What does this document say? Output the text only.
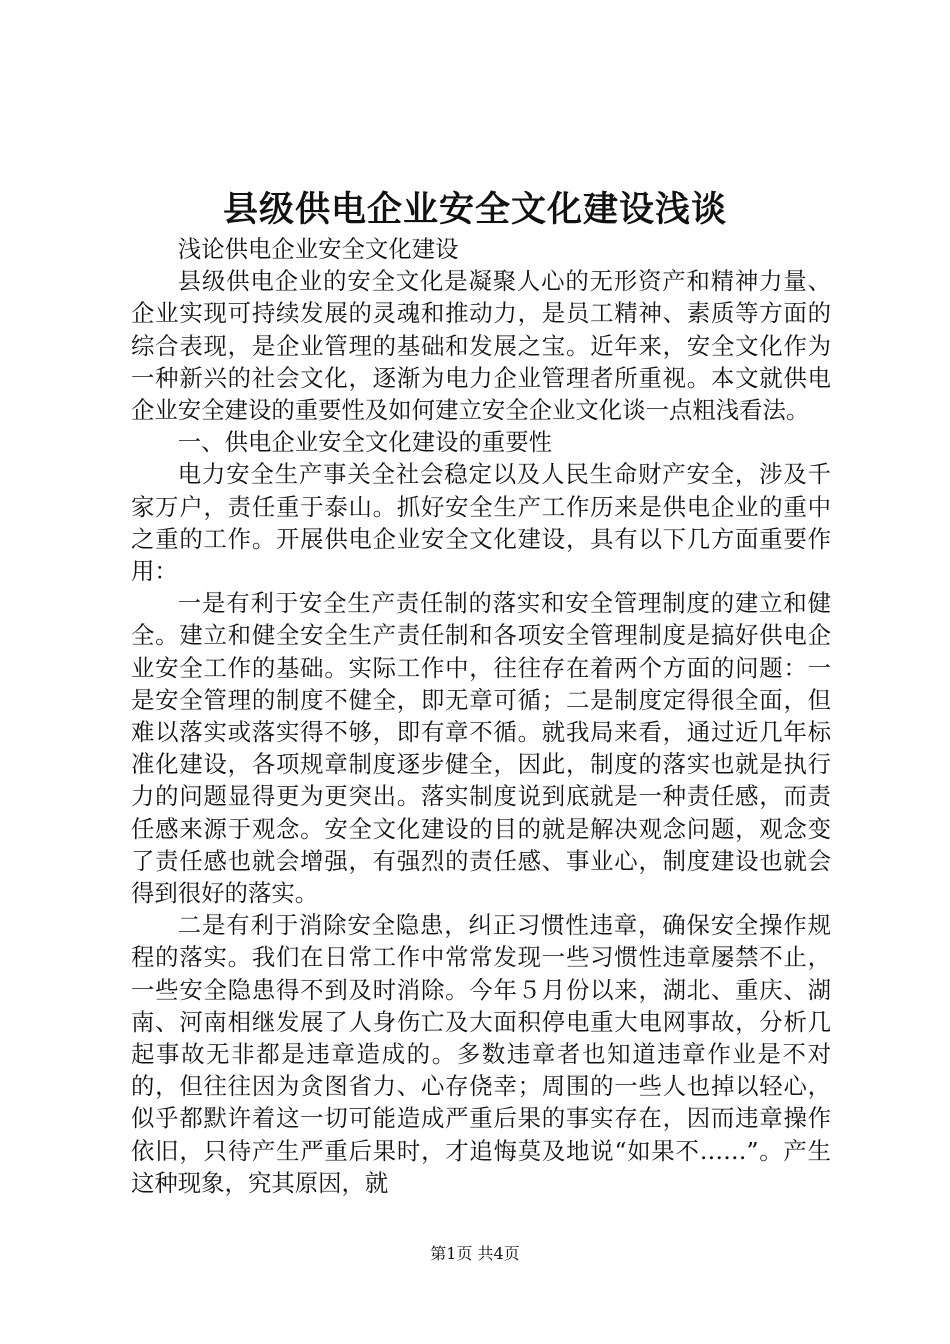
县级供电企业安全文化建设浅谈

浅论供电企业安全文化建设

县级供电企业的安全文化是凝聚人心的无形资产和精神力量、企业实现可持续发展的灵魂和推动力，是员工精神、素质等方面的综合表现，是企业管理的基础和发展之宝。近年来，安全文化作为一种新兴的社会文化，逐渐为电力企业管理者所重视。本文就供电企业安全建设的重要性及如何建立安全企业文化谈一点粗浅看法。

一、供电企业安全文化建设的重要性

电力安全生产事关全社会稳定以及人民生命财产安全，涉及千家万户，责任重于泰山。抓好安全生产工作历来是供电企业的重中之重的工作。开展供电企业安全文化建设，具有以下几方面重要作用：

一是有利于安全生产责任制的落实和安全管理制度的建立和健全。建立和健全安全生产责任制和各项安全管理制度是搞好供电企业安全工作的基础。实际工作中，往往存在着两个方面的问题：一是安全管理的制度不健全，即无章可循；二是制度定得很全面，但难以落实或落实得不够，即有章不循。就我局来看，通过近几年标准化建设，各项规章制度逐步健全，因此，制度的落实也就是执行力的问题显得更为更突出。落实制度说到底就是一种责任感，而责任感来源于观念。安全文化建设的目的就是解决观念问题，观念变了责任感也就会增强，有强烈的责任感、事业心，制度建设也就会得到很好的落实。

二是有利于消除安全隐患，纠正习惯性违章，确保安全操作规程的落实。我们在日常工作中常常发现一些习惯性违章屡禁不止，一些安全隐患得不到及时消除。今年５月份以来，湖北、重庆、湖南、河南相继发展了人身伤亡及大面积停电重大电网事故，分析几起事故无非都是违章造成的。多数违章者也知道违章作业是不对的，但往往因为贪图省力、心存侥幸；周围的一些人也掉以轻心，似乎都默许着这一切可能造成严重后果的事实存在，因而违章操作依旧，只待产生严重后果时，才追悔莫及地说“如果不……”。产生这种现象，究其原因，就

第1页 共4页
